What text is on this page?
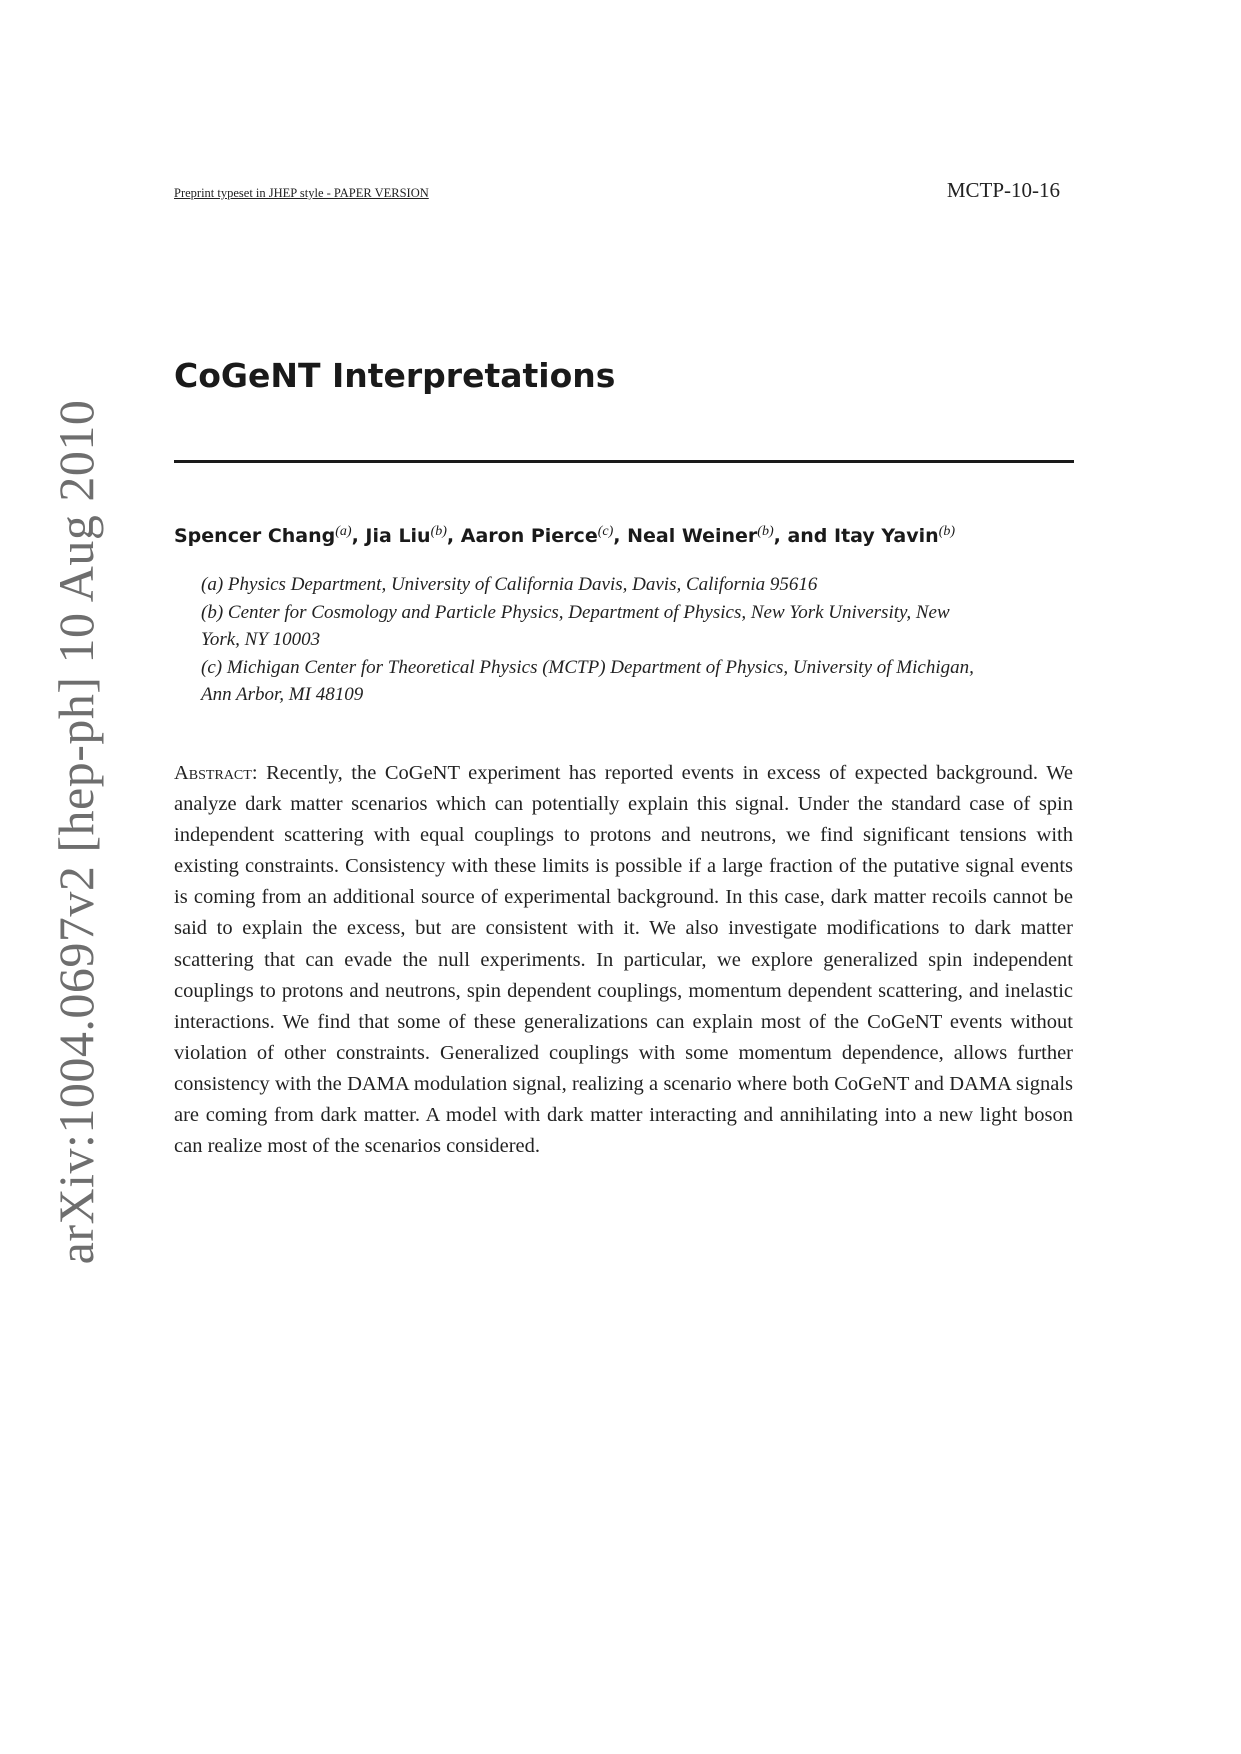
arXiv:1004.0697v2 [hep-ph] 10 Aug 2010
Preprint typeset in JHEP style - PAPER VERSION	MCTP-10-16
CoGeNT Interpretations
Spencer Chang$^{(a)}$, Jia Liu$^{(b)}$, Aaron Pierce$^{(c)}$, Neal Weiner$^{(b)}$, and Itay Yavin$^{(b)}$
(a) Physics Department, University of California Davis, Davis, California 95616
(b) Center for Cosmology and Particle Physics, Department of Physics, New York University, New York, NY 10003
(c) Michigan Center for Theoretical Physics (MCTP) Department of Physics, University of Michigan, Ann Arbor, MI 48109

Abstract: Recently, the CoGeNT experiment has reported events in excess of expected background. We analyze dark matter scenarios which can potentially explain this signal. Under the standard case of spin independent scattering with equal couplings to protons and neutrons, we find significant tensions with existing constraints. Consistency with these limits is possible if a large fraction of the putative signal events is coming from an additional source of experimental background. In this case, dark matter recoils cannot be said to explain the excess, but are consistent with it. We also investigate modifications to dark matter scattering that can evade the null experiments. In particular, we explore generalized spin independent couplings to protons and neutrons, spin dependent couplings, momentum dependent scattering, and inelastic interactions. We find that some of these generalizations can explain most of the CoGeNT events without violation of other constraints. Generalized couplings with some momentum dependence, allows further consistency with the DAMA modulation signal, realizing a scenario where both CoGeNT and DAMA signals are coming from dark matter. A model with dark matter interacting and annihilating into a new light boson can realize most of the scenarios considered.
